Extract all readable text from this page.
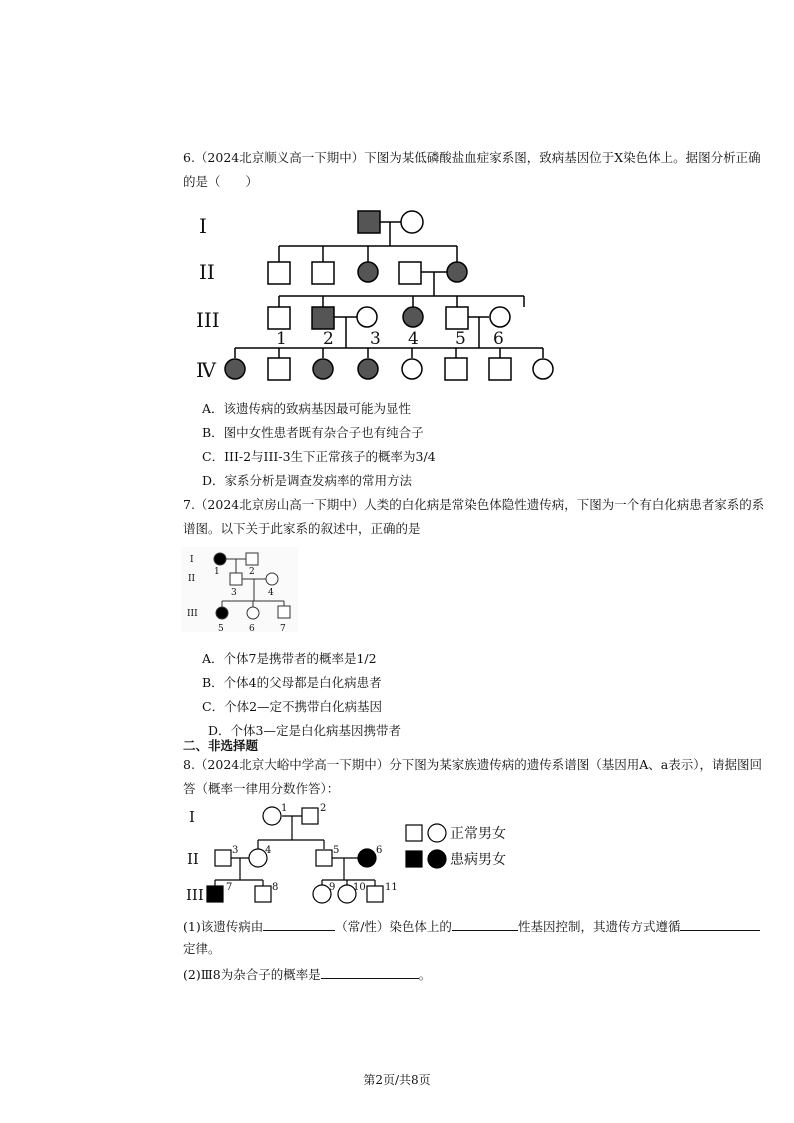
6.（2024北京顺义高一下期中）下图为某低磷酸盐血症家系图，致病基因位于X染色体上。据图分析正确
的是（　　）
I
II
III
Ⅳ
1 2 3 4 5 6
A．该遗传病的致病基因最可能为显性
B．图中女性患者既有杂合子也有纯合子
C．III-2与III-3生下正常孩子的概率为3/4
D．家系分析是调查发病率的常用方法
7.（2024北京房山高一下期中）人类的白化病是常染色体隐性遗传病，下图为一个有白化病患者家系的系
谱图。以下关于此家系的叙述中，正确的是
I
II
III
1	2
3	4
5	6	7
A．个体7是携带者的概率是1/2
B．个体4的父母都是白化病患者
C．个体2—定不携带白化病基因
D．个体3—定是白化病基因携带者
二、非选择题
8.（2024北京大峪中学高一下期中）分下图为某家族遗传病的遗传系谱图（基因用A、a表示），请据图回
答（概率一律用分数作答）：
I
II
III
1	2
3	4	5	6
7	8	9 10 11
正常男女
患病男女
(1)该遗传病由	（常/性）染色体上的	性基因控制，其遗传方式遵循
定律。
(2)Ⅲ8为杂合子的概率是	。
第2页/共8页
